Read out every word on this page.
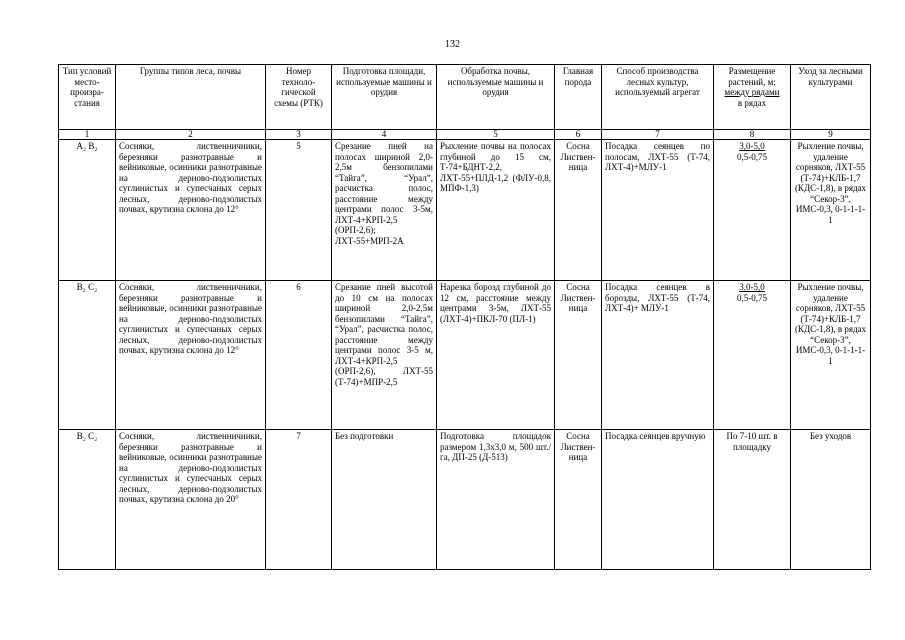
132
Тип условий место-произра-стания	Группы типов леса, почвы	Номер техноло-гической схемы (РТК)	Подготовка площади, используемые машины и орудия	Обработка почвы, используемые машины и орудия	Главная порода	Способ производства лесных культур, используемый агрегат	Размещение
растений, м:
между рядами
в рядах	Уход за лесными культурами
1	2	3	4	5	6	7	8	9
А₂ В₂	Сосняки, лиственничники, березняки разнотравные и вейниковые, осинники разнотравные на дерново-подзолистых суглинистых и супесчаных серых лесных, дерново-подзолистых почвах, крутизна склона до 12°	5	Срезание пней на полосах шириной 2,0-2,5м бензопилами “Тайга”, “Урал”, расчистка полос, расстояние между центрами полос 3-5м, ЛХТ-4+КРП-2,5 (ОРП-2,6); ЛХТ-55+МРП-2А	Рыхление почвы на полосах глубиной до 15 см, Т-74+БДНТ-2,2, ЛХТ-55+ПЛД-1,2 (ФЛУ-0,8, МПФ-1,3)	Сосна Листвен-ница	Посадка сеянцев по полосам, ЛХТ-55 (Т-74, ЛХТ-4)+МЛУ-1	3,0-5,0
0,5-0,75	Рыхление почвы, удаление сорняков, ЛХТ-55 (Т-74)+КЛБ-1,7 (КДС-1,8), в рядах “Секор-3”, ИМС-0,3, 0-1-1-1-1
В₂ С₂	Сосняки, лиственничники, березняки разнотравные и вейниковые, осинники разнотравные на дерново-подзолистых суглинистых и супесчаных серых лесных, дерново-подзолистых почвах, крутизна склона до 12°	6	Срезание пней высотой до 10 см на полосах шириной 2,0-2,5м бензопилами “Тайга”, “Урал”, расчистка полос, расстояние между центрами полос 3-5 м, ЛХТ-4+КРП-2,5 (ОРП-2,6), ЛХТ-55 (Т-74)+МПР-2,5	Нарезка борозд глубиной до 12 см, расстояние между центрами 3-5м, ЛХТ-55 (ЛХТ-4)+ПКЛ-70 (ПЛ-1)	Сосна Листвен-ница	Посадка сеянцев в борозды, ЛХТ-55 (Т-74, ЛХТ-4)+ МЛУ-1	3,0-5,0
0,5-0,75	Рыхление почвы, удаление сорняков, ЛХТ-55 (Т-74)+КЛБ-1,7 (КДС-1,8), в рядах “Секор-3”, ИМС-0,3, 0-1-1-1-1
В₂ С₂	Сосняки, лиственничники, березняки разнотравные и вейниковые, осинники разнотравные на дерново-подзолистых суглинистых и супесчаных серых лесных, дерново-подзолистых почвах, крутизна склона до 20°	7	Без подготовки	Подготовка площадок размером 1,3х3,0 м, 500 шт./га, ДП-25 (Д-513)	Сосна Листвен-ница	Посадка сеянцев вручную	По 7-10 шт. в площадку	Без уходов
